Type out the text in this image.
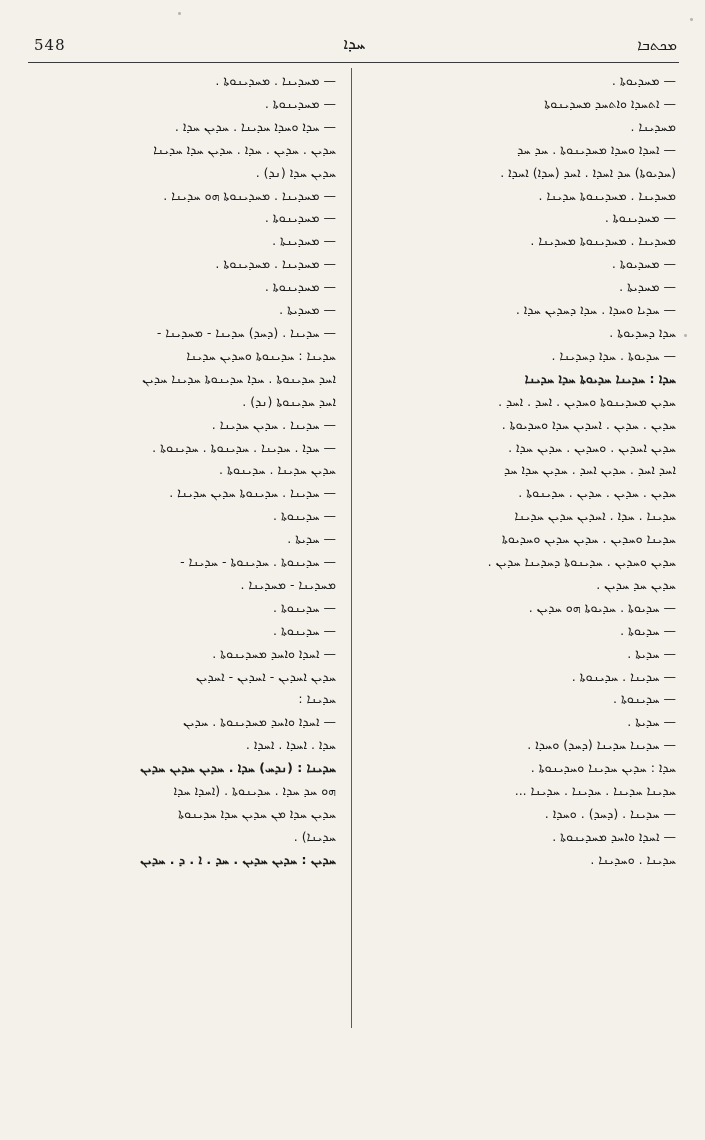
548	ܚܕܐ	ܡܟܬܒܐ
— ܡܚܕܝܘܬܐ .
— ܐܬܚܕܐ ܘܐܬܚܕ ܡܚܕܝܢܘܬܐ
ܡܚܕܝܢܐ .
— ܐܚܕܐ ܘܚܕܐ ܡܚܕܝܢܘܬܐ . ܚܕ ܚܕ
(ܚܕܝܘܬܐ) ܚܕ ܐܚܕܐ . ܐܚܕ (ܚܕܐ) ܐܚܕܐ .
ܡܚܕܝܢܐ . ܡܚܕܝܢܘܬܐ ܚܕܝܢܐ .
— ܡܚܕܝܢܘܬܐ .
ܡܚܕܝܢܐ . ܡܚܕܝܢܘܬܐ ܡܚܕܝܢܐ .
— ܡܚܕܝܘܬܐ .
— ܡܚܕܝܬܐ .
— ܚܕܝܐ ܘܚܕܐ . ܚܕܐ ܕܚܕܝܢ ܚܕܐ .
ܚܕܐ ܕܚܕܝܘܬܐ .
— ܚܕܝܘܬܐ . ܚܕܐ ܕܚܕܝܢܐ .
ܚܕܐ : ܚܕܝܢܐ ܚܕܝܘܬܐ ܚܕܐ ܚܕܝܢܐ
ܚܕܝܢ ܡܚܕܝܢܘܬܐ ܘܚܕܝܢ . ܐܚܕ . ܐܚܕ .
ܚܕܝܢ . ܚܕܝܢ . ܐܚܕܝܢ ܚܕܐ ܘܚܕܝܘܬܐ .
ܚܕܝܢ ܐܚܕܝܢ . ܘܚܕܝܢ . ܚܕܝܢ ܚܕܐ .
ܐܚܕ ܐܚܕ . ܚܕܝܢ ܐܚܕ . ܚܕܝܢ ܚܕܐ ܚܕ
ܚܕܝܢ . ܚܕܝܢ . ܚܕܝܢ . ܚܕܝܢܘܬܐ .
ܚܕܝܢܐ . ܚܕܐ . ܐܚܕܝܢ ܚܕܝܢ ܚܕܝܢܐ
ܚܕܝܢܐ ܘܚܕܝܢ . ܚܕܝܢ ܚܕܝܢ ܘܚܕܝܘܬܐ
ܚܕܝܢ ܘܚܕܝܢ . ܚܕܝܢܘܬܐ ܕܚܕܝܢܐ ܚܕܝܢ .
ܚܕܝܢ ܚܕ ܚܕܝܢ .
— ܚܕܝܘܬܐ . ܚܕܝܘܬܐ ܗܘ ܚܕܝܢ .
— ܚܕܝܘܬܐ .
— ܚܕܝܬܐ .
— ܚܕܝܢܐ . ܚܕܝܢܘܬܐ .
— ܚܕܝܢܘܬܐ .
— ܚܕܝܬܐ .
— ܚܕܝܢܐ ܚܕܝܢܐ (ܕܚܕ) ܘܚܕܐ .
ܚܕܐ : ܚܕܝܢ ܚܕܝܢܐ ܘܚܕܝܢܘܬܐ .
ܚܕܝܢܐ ܚܕܝܢܐ . ܚܕܝܢܐ . ܚܕܝܢܐ ...
— ܚܕܝܢܐ . (ܕܚܕ) . ܘܚܕܐ .
— ܐܚܕܐ ܘܐܚܕ ܡܚܕܝܢܘܬܐ .
ܚܕܝܢܐ . ܘܚܕܝܢܐ .
— ܡܚܕܝܢܐ . ܡܚܕܝܢܘܬܐ .
— ܡܚܕܝܢܘܬܐ .
— ܚܕܐ ܘܚܕܐ ܚܕܝܢܐ . ܚܕܝܢ ܚܕܐ .
ܚܕܝܢ . ܚܕܝܢ . ܚܕܐ . ܚܕܝܢ ܚܕܐ ܚܕܝܢܐ
ܚܕܝܢ ܚܕܐ (ܢܕ) .
— ܡܚܕܝܢܐ . ܡܚܕܝܢܘܬܐ ܗܘ ܚܕܝܢܐ .
— ܡܚܕܝܢܘܬܐ .
— ܡܚܕܝܢܬܐ .
— ܡܚܕܝܢܐ . ܡܚܕܝܢܘܬܐ .
— ܡܚܕܝܢܘܬܐ .
— ܡܚܕܝܬܐ .
— ܚܕܝܢܐ . (ܕܚܕ) ܚܕܝܢܐ - ܡܚܕܝܢܐ -
ܚܕܝܢܐ : ܚܕܝܢܘܬܐ ܘܚܕܝܢ ܚܕܝܢܐ
ܐܚܕ ܚܕܝܢܘܬܐ . ܚܕܐ ܚܕܝܢܘܬܐ ܚܕܝܢܐ ܚܕܝܢ
ܐܚܕ ܚܕܝܢܘܬܐ (ܢܕ) .
— ܚܕܝܢܐ . ܚܕܝܢ ܚܕܝܢܐ .
— ܚܕܐ . ܚܕܝܢܐ . ܚܕܝܢܘܬܐ . ܚܕܝܢܘܬܐ .
ܚܕܝܢ ܚܕܝܢܐ . ܚܕܝܢܘܬܐ .
— ܚܕܝܢܐ . ܚܕܝܢܘܬܐ ܚܕܝܢ ܚܕܝܢܐ .
— ܚܕܝܢܘܬܐ .
— ܚܕܝܬܐ .
— ܚܕܝܢܘܬܐ . ܚܕܝܢܘܬܐ - ܚܕܝܢܐ -
ܡܚܕܝܢܐ - ܡܚܕܝܢܐ .
— ܚܕܝܢܘܬܐ .
— ܚܕܝܢܘܬܐ .
— ܐܚܕܐ ܘܐܚܕ ܡܚܕܝܢܘܬܐ .
ܚܕܝܢ ܐܚܕܝܢ - ܐܚܕܝܢ - ܐܚܕܝܢ
ܚܕܝܢܐ :
— ܐܚܕܐ ܘܐܚܕ ܡܚܕܝܢܘܬܐ . ܚܕܝܢ
ܚܕܐ . ܐܚܕܐ . ܐܚܕܐ .
ܚܕܝܢܐ : (ܢܕܚ) ܚܕܐ . ܚܕܝܢ ܚܕܝܢ ܚܕܝܢ
ܗܘ ܚܕ ܚܕܐ . ܚܕܝܢܘܬܐ . (ܐܚܕܐ ܚܕܐ
ܚܕܝܢ ܚܕܐ ܡܢ ܚܕܝܢ ܚܕܐ ܚܕܝܢܘܬܐ
ܚܕܝܢܐ) .
ܚܕܝܢ : ܚܕܝܢ ܚܕܝܢ . ܚܕ . ܐ . ܕ . ܚܕܝܢ
